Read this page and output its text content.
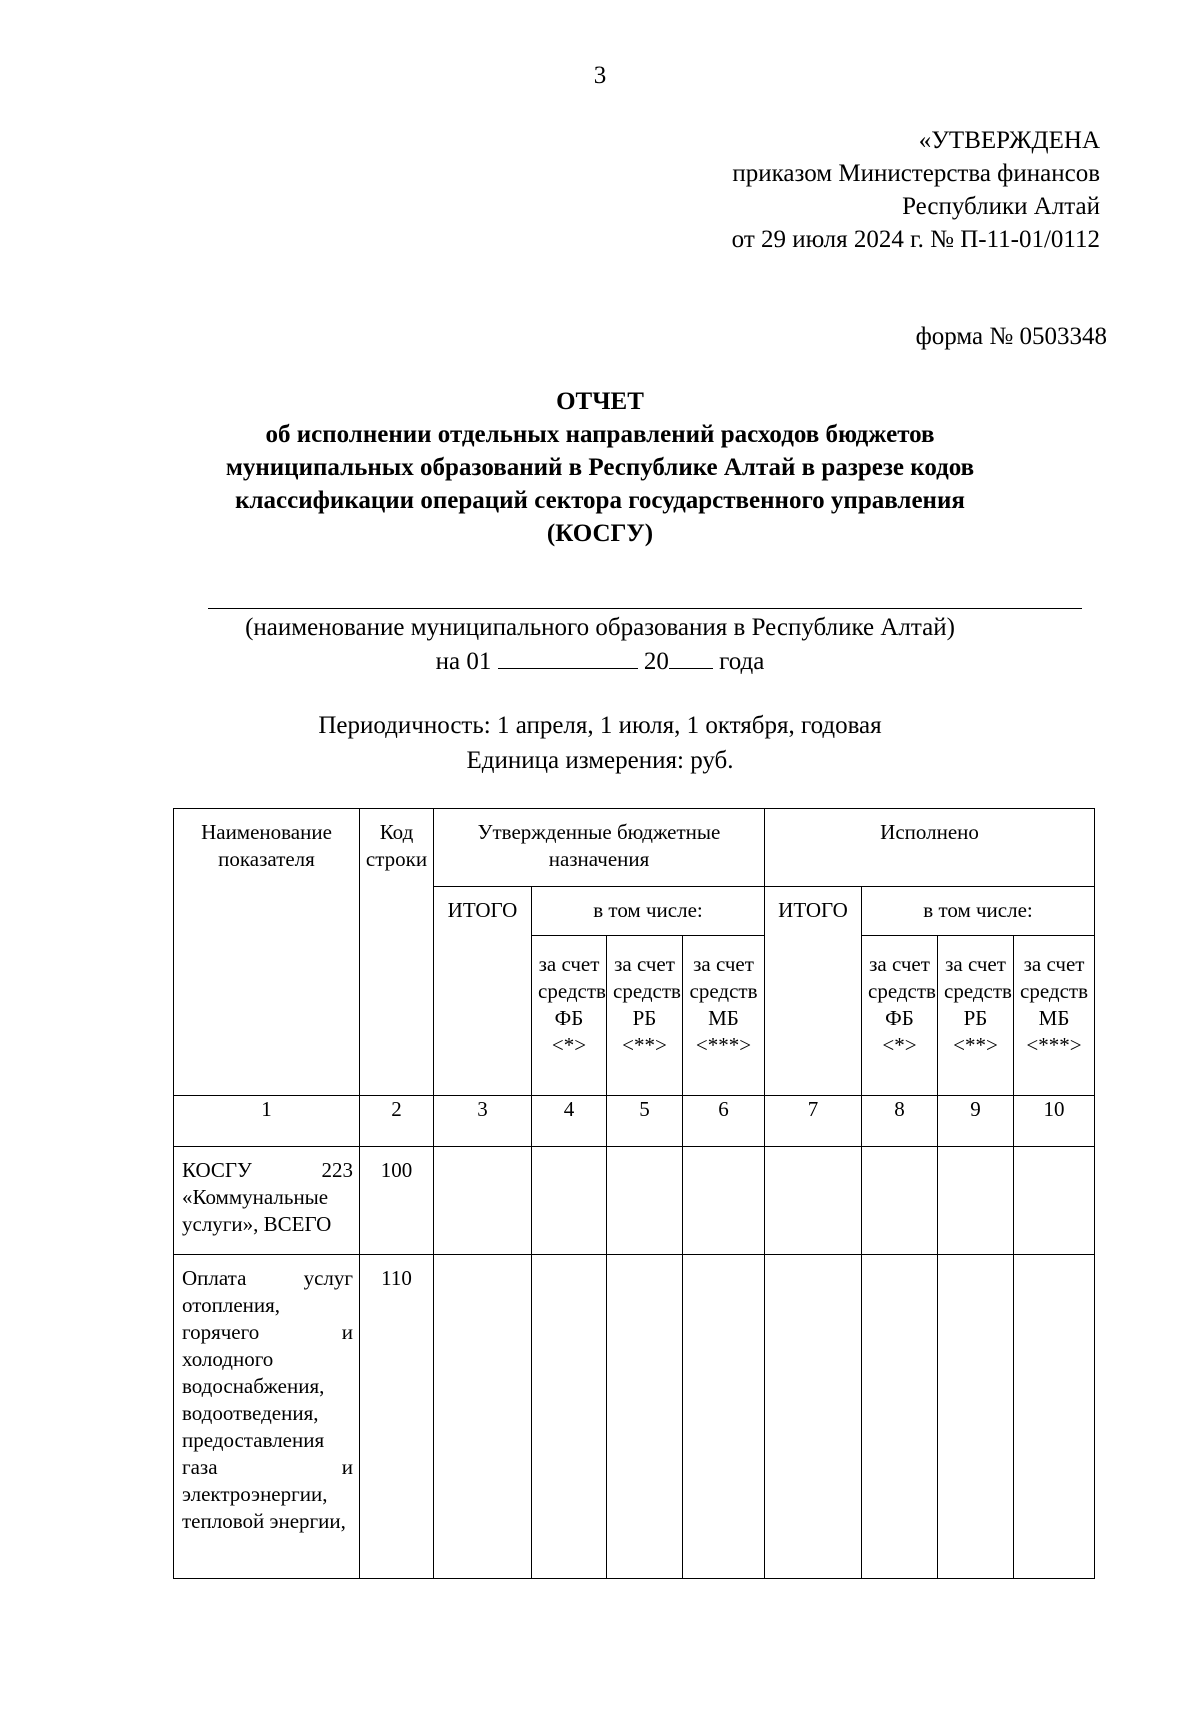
3
«УТВЕРЖДЕНА
приказом Министерства финансов
Республики Алтай
от 29 июля 2024 г. № П-11-01/0112
форма № 0503348
ОТЧЕТ
об исполнении отдельных направлений расходов бюджетов
муниципальных образований в Республике Алтай в разрезе кодов
классификации операций сектора государственного управления
(КОСГУ)
(наименование муниципального образования в Республике Алтай)
на 01	20 года
Периодичность: 1 апреля, 1 июля, 1 октября, годовая
Единица измерения: руб.
Наименование показателя	Код строки	Утвержденные бюджетные назначения				Исполнено			
		ИТОГО	в том числе:			ИТОГО	в том числе:		
			за счет средств ФБ <*>	за счет средств РБ <**>	за счет средств МБ <***>		за счет средств ФБ <*>	за счет средств РБ <**>	за счет средств МБ <***>
1	2	3	4	5	6	7	8	9	10
КОСГУ 223 «Коммунальные услуги», ВСЕГО	100								
Оплата услуг отопления, горячего и холодного водоснабжения, водоотведения, предоставления газа и электроэнергии, тепловой энергии,	110								
